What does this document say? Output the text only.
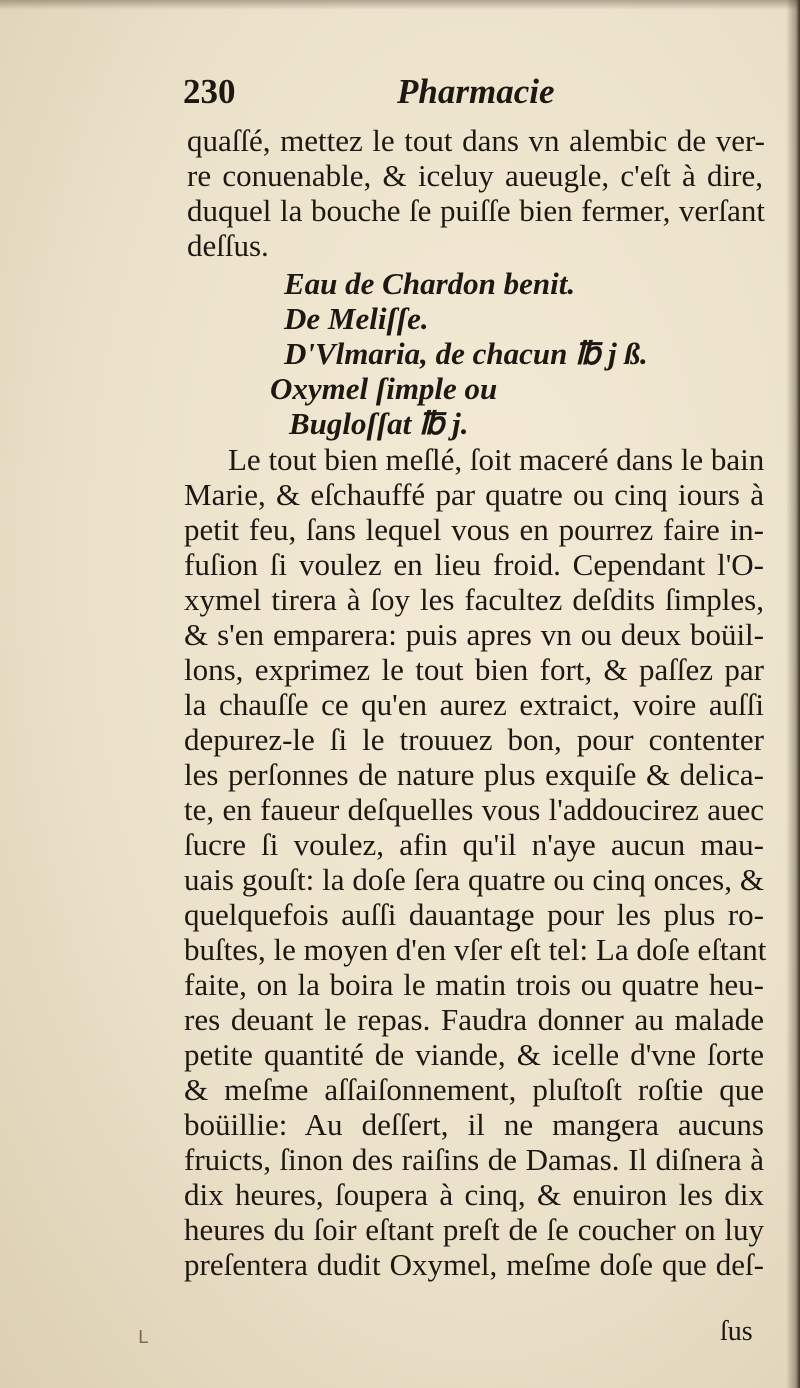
230	Pharmacie
quaſſé, mettez le tout dans vn alembic de ver-
re conuenable, & iceluy aueugle, c'eſt à dire,
duquel la bouche ſe puiſſe bien fermer, verſant
deſſus.
Eau de Chardon benit.
De Meliſſe.
D'Vlmaria, de chacun ℔ j ß.
Oxymel ſimple ou
Bugloſſat ℔ j.
Le tout bien meſlé, ſoit maceré dans le bain
Marie, & eſchauffé par quatre ou cinq iours à
petit feu, ſans lequel vous en pourrez faire in-
fuſion ſi voulez en lieu froid. Cependant l'O-
xymel tirera à ſoy les facultez deſdits ſimples,
& s'en emparera: puis apres vn ou deux boüil-
lons, exprimez le tout bien fort, & paſſez par
la chauſſe ce qu'en aurez extraict, voire auſſi
depurez-le ſi le trouuez bon, pour contenter
les perſonnes de nature plus exquiſe & delica-
te, en faueur deſquelles vous l'addoucirez auec
ſucre ſi voulez, afin qu'il n'aye aucun mau-
uais gouſt: la doſe ſera quatre ou cinq onces, &
quelquefois auſſi dauantage pour les plus ro-
buſtes, le moyen d'en vſer eſt tel: La doſe eſtant
faite, on la boira le matin trois ou quatre heu-
res deuant le repas. Faudra donner au malade
petite quantité de viande, & icelle d'vne ſorte
& meſme aſſaiſonnement, pluſtoſt roſtie que
boüillie: Au deſſert, il ne mangera aucuns
fruicts, ſinon des raiſins de Damas. Il diſnera à
dix heures, ſoupera à cinq, & enuiron les dix
heures du ſoir eſtant preſt de ſe coucher on luy
preſentera dudit Oxymel, meſme doſe que deſ-
ſus
L
